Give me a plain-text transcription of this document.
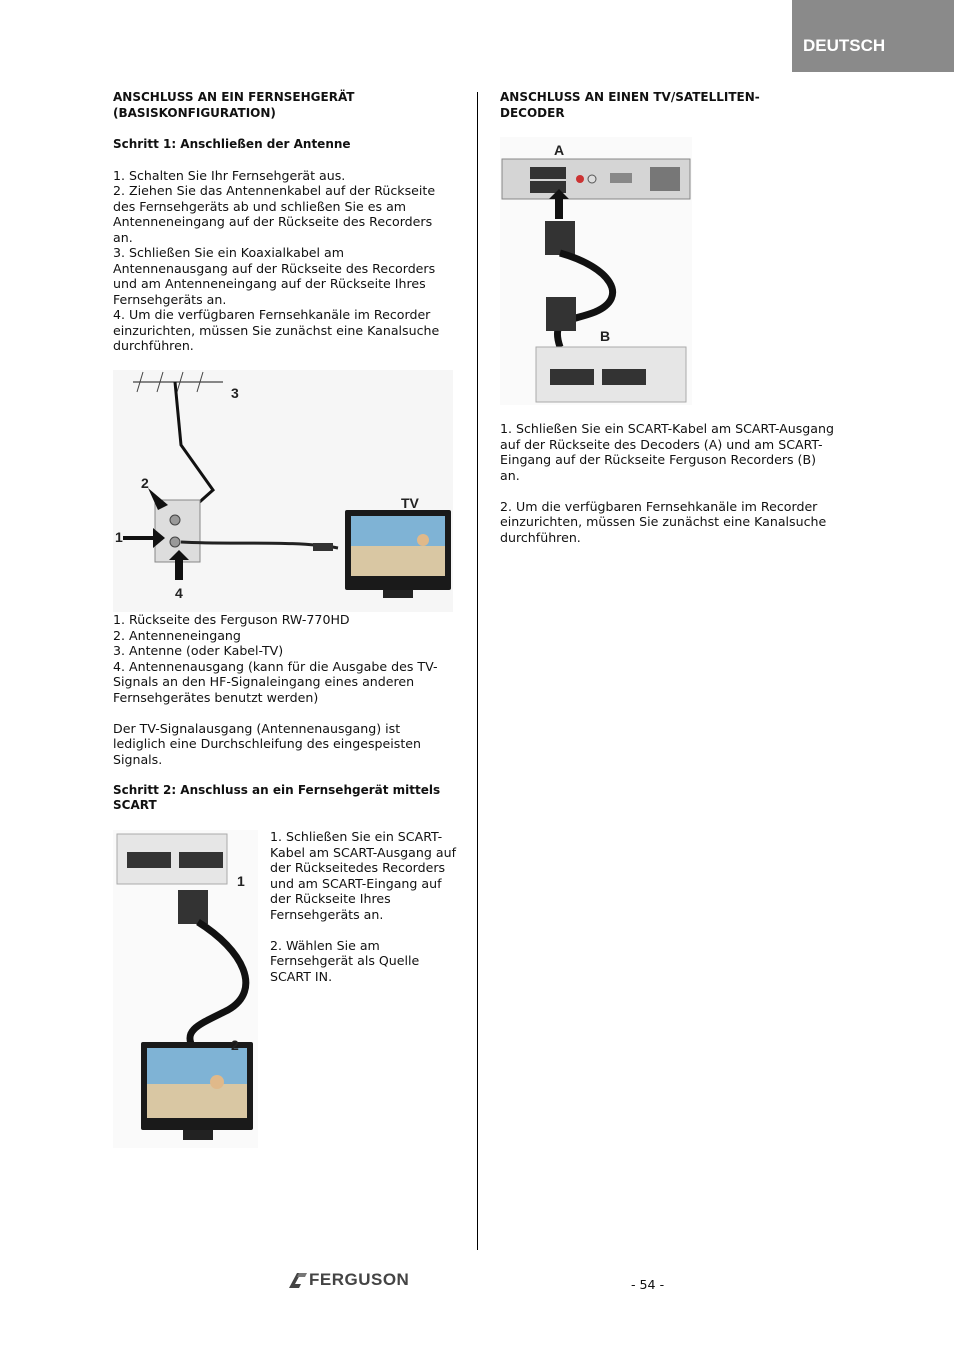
DEUTSCH

ANSCHLUSS AN EIN FERNSEHGERÄT

(BASISKONFIGURATION)

Schritt 1: Anschließen der Antenne

1. Schalten Sie Ihr Fernsehgerät aus.

2. Ziehen Sie das Antennenkabel auf der Rückseite des Fernsehgeräts ab und schließen Sie es am Antenneneingang auf der Rückseite des Recorders an.

3. Schließen Sie ein Koaxialkabel am Antennenausgang auf der Rückseite des Recorders und am Antenneneingang auf der Rückseite Ihres Fernsehgeräts an.

4. Um die verfügbaren Fernsehkanäle im Recorder einzurichten, müssen Sie zunächst eine Kanalsuche durchführen.

3
2
1
4
TV

1. Rückseite des Ferguson RW-770HD

2. Antenneneingang

3. Antenne (oder Kabel-TV)

4. Antennenausgang (kann für die Ausgabe des TV-Signals an den HF-Signaleingang eines anderen Fernsehgerätes benutzt werden)

Der TV-Signalausgang (Antennenausgang) ist lediglich eine Durchschleifung des eingespeisten Signals.

Schritt 2: Anschluss an ein Fernsehgerät mittels SCART

1
2

1. Schließen Sie ein SCART-Kabel am SCART-Ausgang auf der Rückseitedes Recorders und am SCART-Eingang auf der Rückseite Ihres Fernsehgeräts an.

2. Wählen Sie am Fernsehgerät als Quelle SCART IN.

ANSCHLUSS AN EINEN TV/SATELLITEN-

DECODER

A
B

1. Schließen Sie ein SCART-Kabel am SCART-Ausgang auf der Rückseite des Decoders (A) und am SCART-Eingang auf der Rückseite Ferguson Recorders (B) an.

2. Um die verfügbaren Fernsehkanäle im Recorder einzurichten, müssen Sie zunächst eine Kanalsuche durchführen.

FERGUSON	- 54 -
